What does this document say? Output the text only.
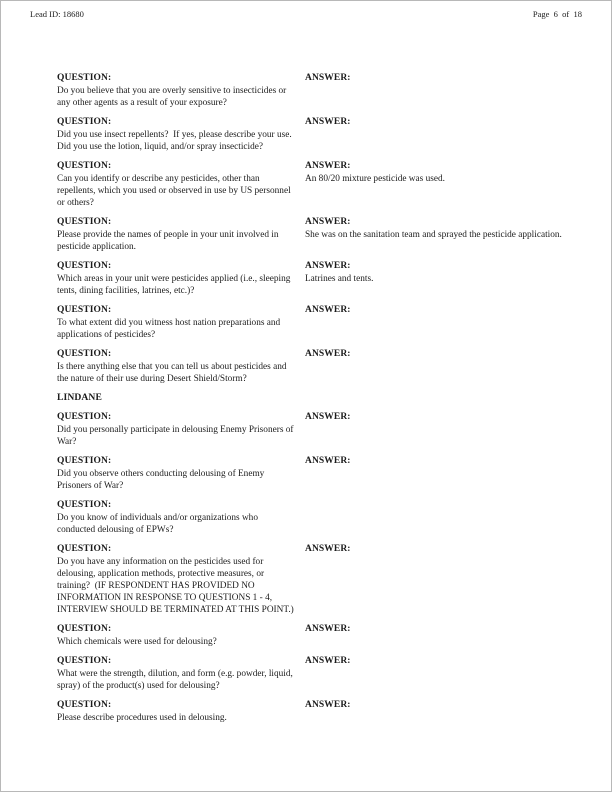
Lead ID: 18680	Page  6  of  18
QUESTION:
Do you believe that you are overly sensitive to insecticides or any other agents as a result of your exposure?
ANSWER:
QUESTION:
Did you use insect repellents?  If yes, please describe your use.  Did you use the lotion, liquid, and/or spray insecticide?
ANSWER:
QUESTION:
Can you identify or describe any pesticides, other than repellents, which you used or observed in use by US personnel or others?
ANSWER:
An 80/20 mixture pesticide was used.
QUESTION:
Please provide the names of people in your unit involved in pesticide application.
ANSWER:
She was on the sanitation team and sprayed the pesticide application.
QUESTION:
Which areas in your unit were pesticides applied (i.e., sleeping tents, dining facilities, latrines, etc.)?
ANSWER:
Latrines and tents.
QUESTION:
To what extent did you witness host nation preparations and applications of pesticides?
ANSWER:
QUESTION:
Is there anything else that you can tell us about pesticides and the nature of their use during Desert Shield/Storm?
ANSWER:
LINDANE
QUESTION:
Did you personally participate in delousing Enemy Prisoners of War?
ANSWER:
QUESTION:
Did you observe others conducting delousing of Enemy Prisoners of War?
ANSWER:
QUESTION:
Do you know of individuals and/or organizations who conducted delousing of EPWs?
QUESTION:
Do you have any information on the pesticides used for delousing, application methods, protective measures, or training?  (IF RESPONDENT HAS PROVIDED NO INFORMATION IN RESPONSE TO QUESTIONS 1 - 4, INTERVIEW SHOULD BE TERMINATED AT THIS POINT.)
ANSWER:
QUESTION:
Which chemicals were used for delousing?
ANSWER:
QUESTION:
What were the strength, dilution, and form (e.g. powder, liquid, spray) of the product(s) used for delousing?
ANSWER:
QUESTION:
Please describe procedures used in delousing.
ANSWER:
